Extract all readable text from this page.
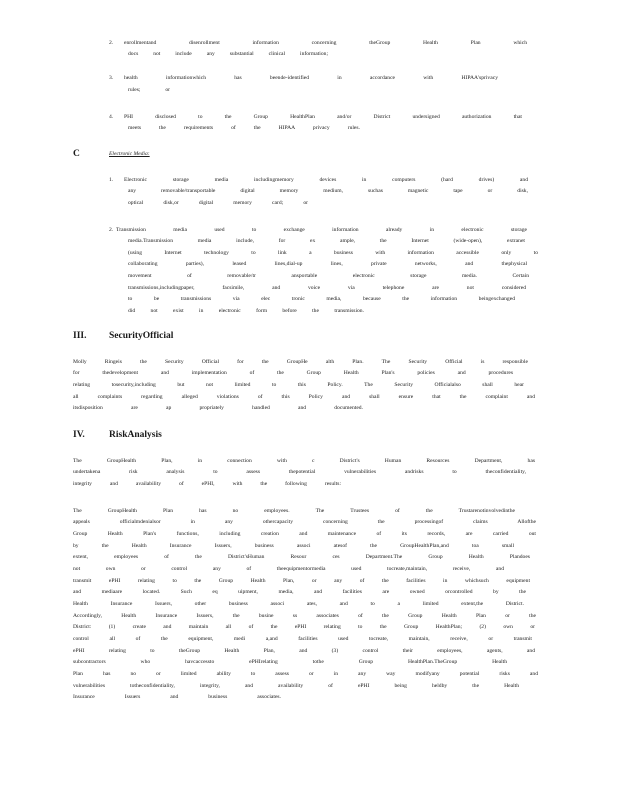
2. enrollmentand disenrollment information concerning theGroup Health Plan which
docs not include any substantial clinical information;
3. health informationwhich has beende-identified in accordance with HIPAA'sprivacy
rules; or
4. PHI disclosed to the Group HealthPlan and/or District undersigned authorization that
meets the requirements of the HIPAA privacy rules.
C	Electronic Media:
1. Electronic storage media includingmemory devices in computers (hard drives) and
any removable/transportable digital memory medium, suchas magnetic tape or disk,
optical disk,or digital memory card; or
2. Transmission media used to exchange information already in electronic storage
media.Transmission media include, for ex ample, the Internet (wide-open), extranet
(using Internet technology to link a business with information accessible only to
collaborating parties), leased lines,dial-up lines, private networks, and thephysical
movement of removable/tr ansportable electronic storage media. Certain
transmissions,includingpaper, facsimile, and voice via telephone are not considered
to be transmissions via elec tronic media, because the information beingexchanged
did not exist in electronic form before the transmission.
III. SecurityOfficial
Molly Ringeis the Security Official for the GroupHe alth Plan. The Security Official is responsible
for thedevelopment and implementation of the Group Health Plan's policies and procedures
relating tosecurity,including but not limited to this Policy. The Security Officialalso shall hear
all complaints regarding alleged violations of this Policy and shall ensure that the complaint and
itsdisposition are ap propriately handled and documented.
IV.	RiskAnalysis
The GroupHealth Plan, in connection with c District's Human Resources Department, has
undertakena risk analysis to assess thepotential vulnerabilities andrisks to theconfidentiality,
integrity and availability of ePHI, with the following results:
The GroupHealth Plan has no employees. The Trustees of the Trustarenotinvolvedinthe
appeals officialmdenialsor in any othercapacity concerning the processingof claims Allofthe
Group Health Plan's functions, including creation and maintenance of its records, are carried out
by the Health Insurance Issuers, business associ atesof the GroupHealthPlan,and toa small
extent, employees of the District'sHuman Resour ces Department.The Group Health Plandoes
not own or control any of theequipmentormedia used tocreate,maintain, receive, and
transmit ePHI relating to the Group Health Plan, or any of the facilities in whichsuch equipment
and mediaare located. Such eq uipment, media, and facilities are owned orcontrolled by the
Health Insurance Issuers, other business associ ates, and to a limited extent,the District.
Accordingly, Health Insurance Issuers, the busine ss associates of the Group Health Plan or the
District: (1) create and maintain all of the ePHI relating to the Group HealthPlan; (2) own or
control all of the equipment, medi a,and facilities used tocreate, maintain, receive, or transmit
ePHI relating to theGroup Health Plan, and (3) control their employees, agents, and
subcontractors who havcaccessto ePHIrelating tothe Group HealthPlan.TheGroup Health
Plan has no or limited ability to assess or in any way modifyany potential risks and
vulnerabilities totheconfidentiality, integrity, and availability of ePHI being heldby the Health
Insurance Issuers and business associates.
